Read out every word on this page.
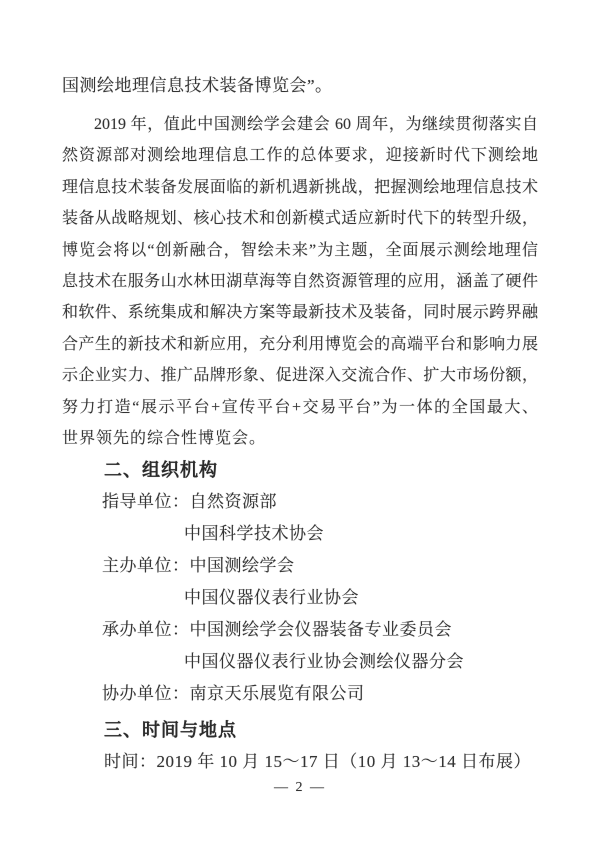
国测绘地理信息技术装备博览会”。
2019 年，值此中国测绘学会建会 60 周年，为继续贯彻落实自
然资源部对测绘地理信息工作的总体要求，迎接新时代下测绘地
理信息技术装备发展面临的新机遇新挑战，把握测绘地理信息技术
装备从战略规划、核心技术和创新模式适应新时代下的转型升级，
博览会将以“创新融合，智绘未来”为主题，全面展示测绘地理信
息技术在服务山水林田湖草海等自然资源管理的应用，涵盖了硬件
和软件、系统集成和解决方案等最新技术及装备，同时展示跨界融
合产生的新技术和新应用，充分利用博览会的高端平台和影响力展
示企业实力、推广品牌形象、促进深入交流合作、扩大市场份额，
努力打造“展示平台+宣传平台+交易平台”为一体的全国最大、
世界领先的综合性博览会。
二、组织机构
指导单位：自然资源部
中国科学技术协会
主办单位：中国测绘学会
中国仪器仪表行业协会
承办单位：中国测绘学会仪器装备专业委员会
中国仪器仪表行业协会测绘仪器分会
协办单位：南京天乐展览有限公司
三、时间与地点
时间：2019 年 10 月 15～17 日（10 月 13～14 日布展）
— 2 —
